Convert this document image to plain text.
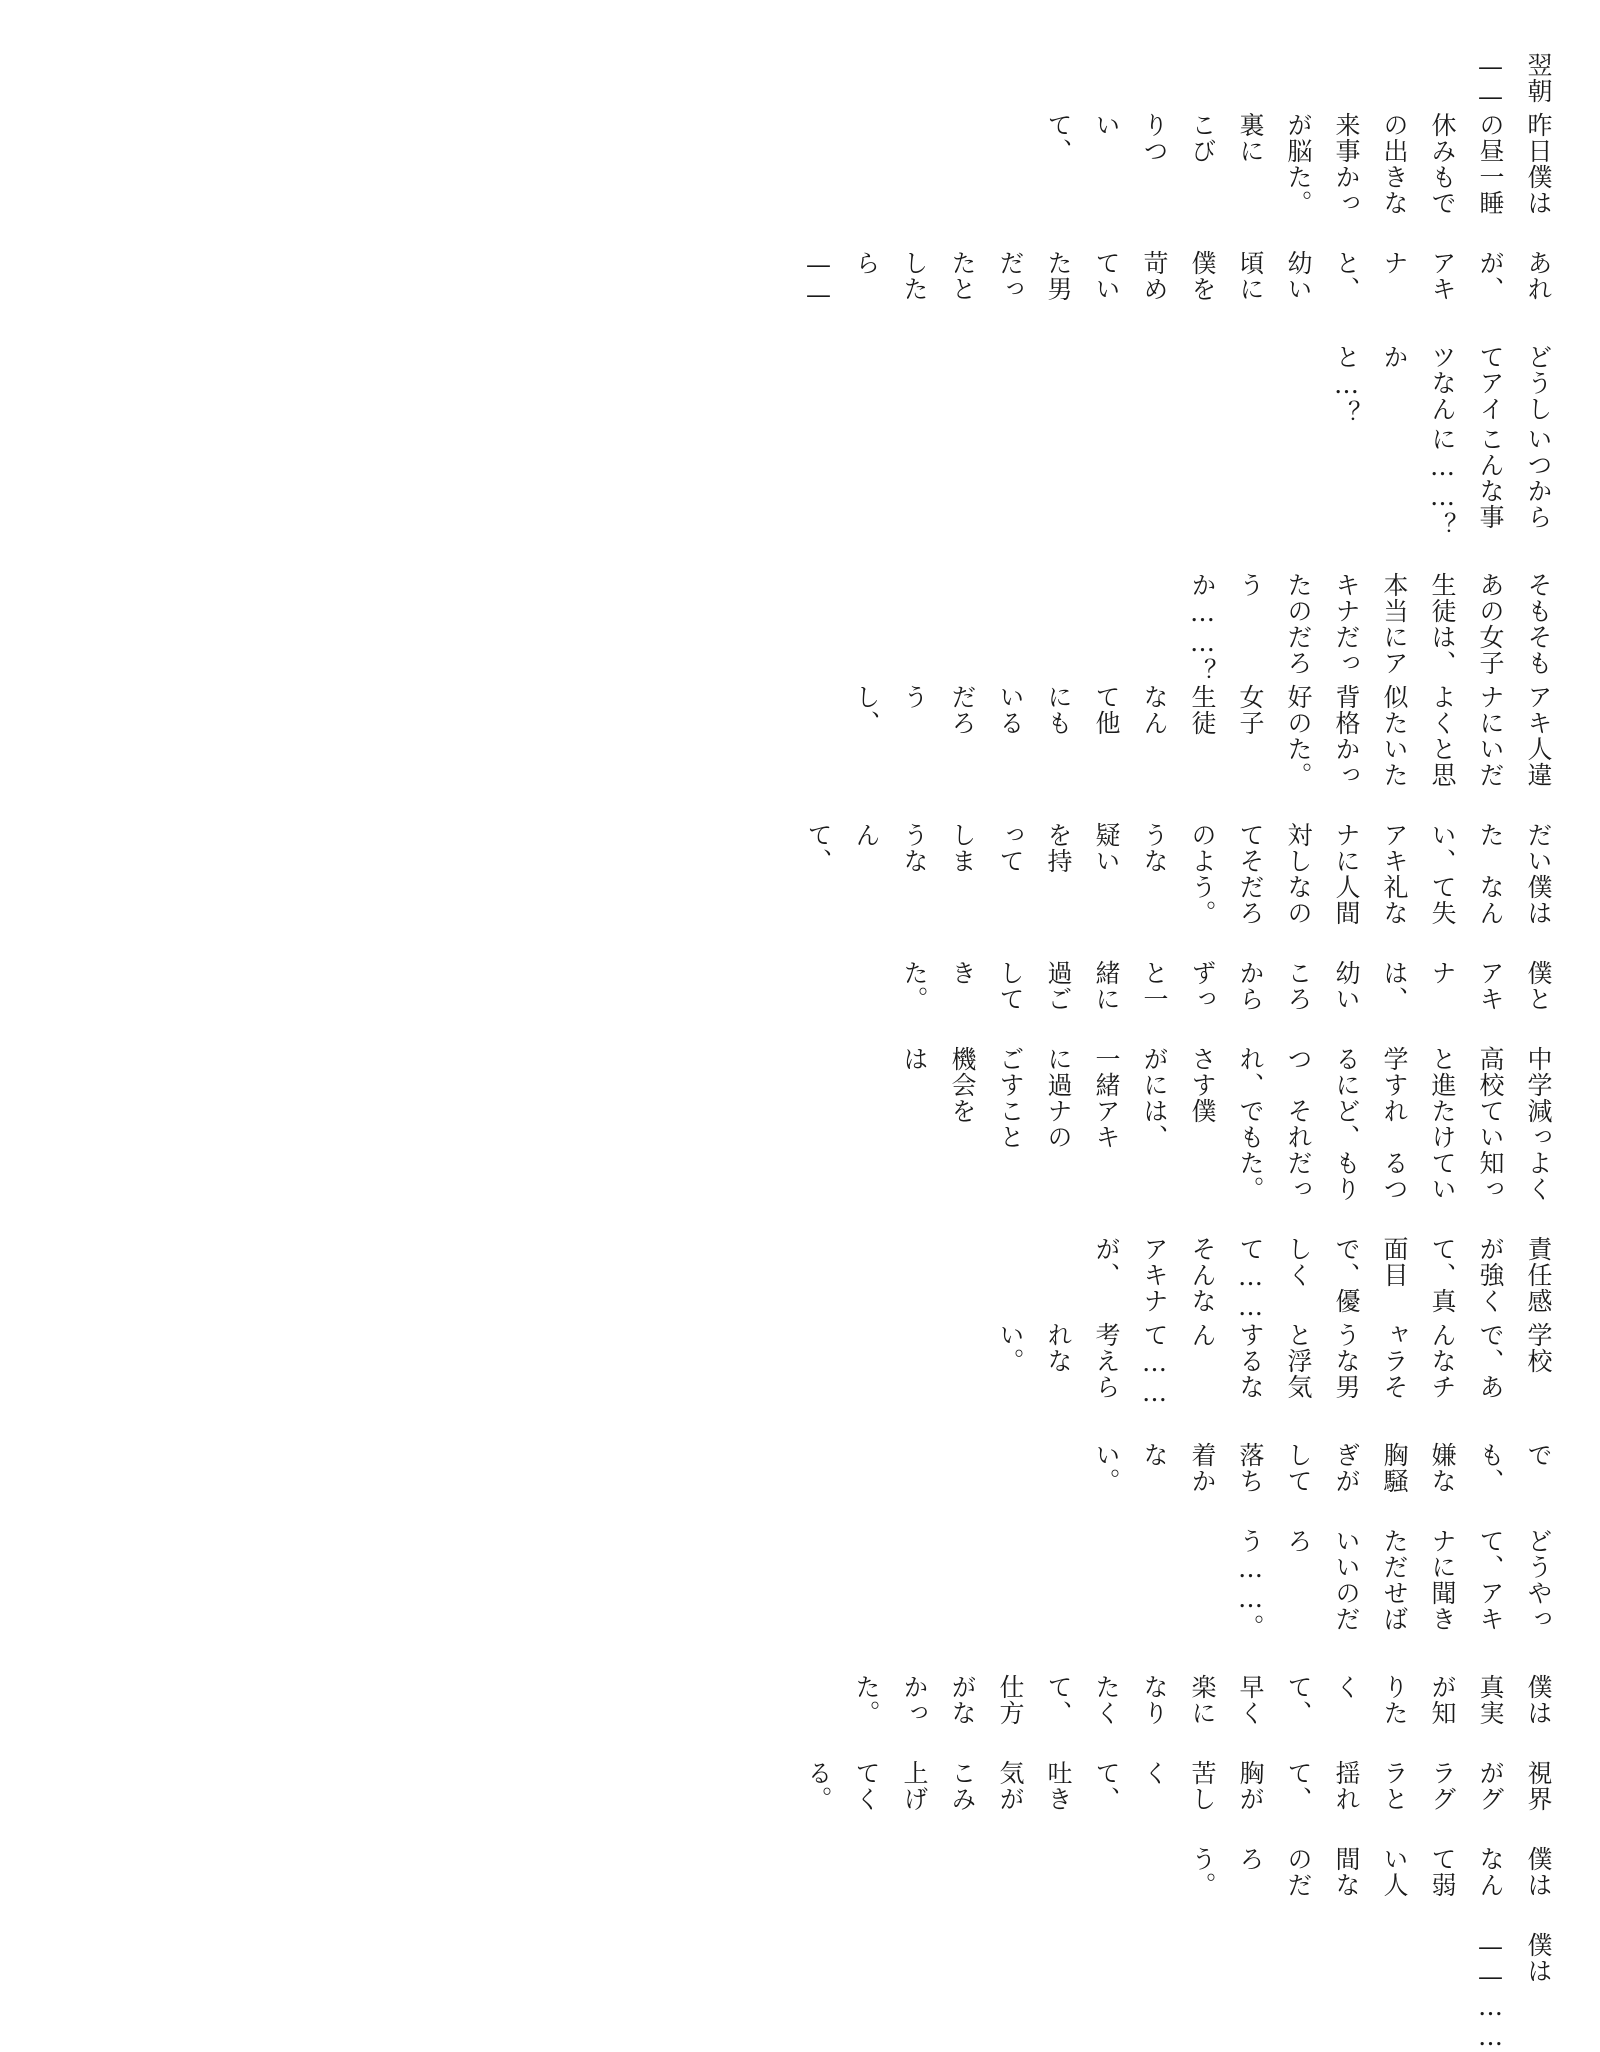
翌朝——

昨日の昼休みの出来事が脳裏にこびりついて、

僕は一睡もできなかった。

あれが、アキナと、幼い頃に僕を苛めていた男だったとしたら——

どうしてアイツなんかと…？

いつからこんな事に……？

そもそもあの女子生徒は、本当にアキナだったのだろうか……？

アキナによく似た背格好の女子生徒なんて他にもいるだろうし、

人違いだと思いたかった。

だいたい、アキナに対してそのような疑いを持ってしまうなんて、

僕はなんて失礼な人間なのだろう。

僕とアキナは、幼いころからずっと一緒に過ごしてきた。

中学高校と進学するにつれ、さすがに一緒に過ごす機会は

減っていたけれど、それでも僕は、アキナのことを

よく知っているつもりだった。

責任感が強くて、真面目で、優しくて……そんなアキナが、

学校で、あんなチャラそうな男と浮気するなんて……考えられない。

でも、嫌な胸騒ぎがして落ち着かない。

どうやって、アキナに聞きただせばいいのだろう……。

僕は真実が知りたくて、早く楽になりたくて、仕方がなかった。

視界がグラグラと揺れて、胸が苦しくて、吐き気がこみ上げてくる。

僕はなんて弱い人間なのだろう。

僕は——……
